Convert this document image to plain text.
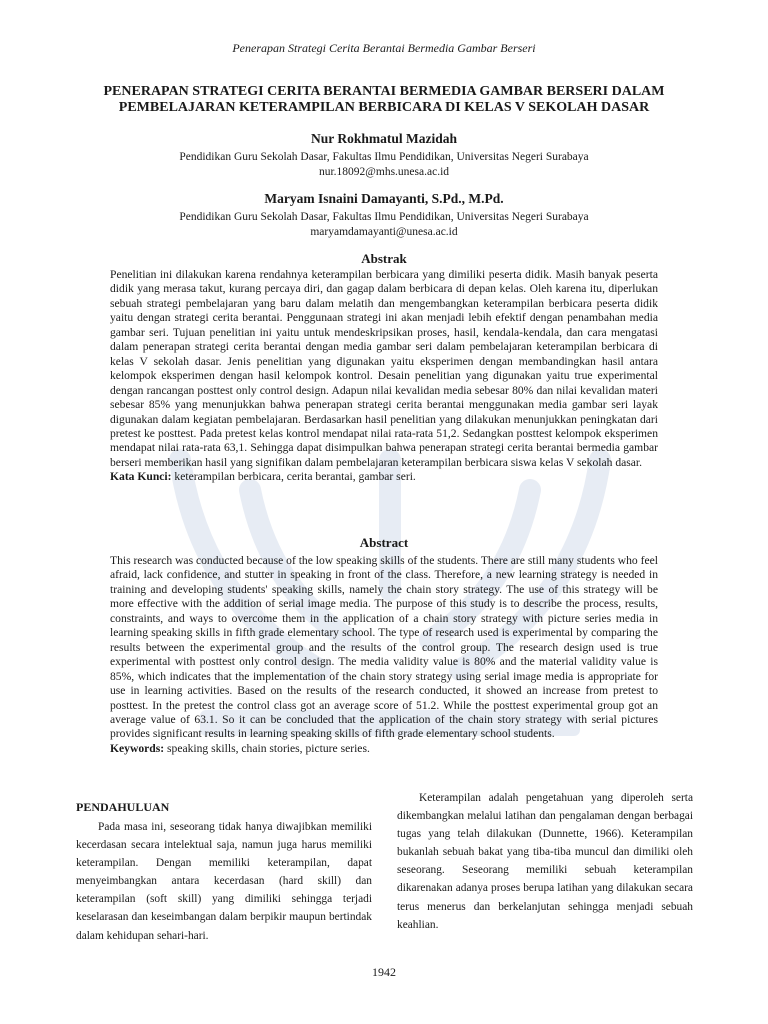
Penerapan Strategi Cerita Berantai Bermedia Gambar Berseri
PENERAPAN STRATEGI CERITA BERANTAI BERMEDIA GAMBAR BERSERI DALAM
PEMBELAJARAN KETERAMPILAN BERBICARA DI KELAS V SEKOLAH DASAR
Nur Rokhmatul Mazidah
Pendidikan Guru Sekolah Dasar, Fakultas Ilmu Pendidikan, Universitas Negeri Surabaya
nur.18092@mhs.unesa.ac.id
Maryam Isnaini Damayanti, S.Pd., M.Pd.
Pendidikan Guru Sekolah Dasar, Fakultas Ilmu Pendidikan, Universitas Negeri Surabaya
maryamdamayanti@unesa.ac.id
Abstrak

Penelitian ini dilakukan karena rendahnya keterampilan berbicara yang dimiliki peserta didik. Masih banyak peserta didik yang merasa takut, kurang percaya diri, dan gagap dalam berbicara di depan kelas. Oleh karena itu, diperlukan sebuah strategi pembelajaran yang baru dalam melatih dan mengembangkan keterampilan berbicara peserta didik yaitu dengan strategi cerita berantai. Penggunaan strategi ini akan menjadi lebih efektif dengan penambahan media gambar seri. Tujuan penelitian ini yaitu untuk mendeskripsikan proses, hasil, kendala-kendala, dan cara mengatasi dalam penerapan strategi cerita berantai dengan media gambar seri dalam pembelajaran keterampilan berbicara di kelas V sekolah dasar. Jenis penelitian yang digunakan yaitu eksperimen dengan membandingkan hasil antara kelompok eksperimen dengan hasil kelompok kontrol. Desain penelitian yang digunakan yaitu true experimental dengan rancangan posttest only control design. Adapun nilai kevalidan media sebesar 80% dan nilai kevalidan materi sebesar 85% yang menunjukkan bahwa penerapan strategi cerita berantai menggunakan media gambar seri layak digunakan dalam kegiatan pembelajaran. Berdasarkan hasil penelitian yang dilakukan menunjukkan peningkatan dari pretest ke posttest. Pada pretest kelas kontrol mendapat nilai rata-rata 51,2. Sedangkan posttest kelompok eksperimen mendapat nilai rata-rata 63,1. Sehingga dapat disimpulkan bahwa penerapan strategi cerita berantai bermedia gambar berseri memberikan hasil yang signifikan dalam pembelajaran keterampilan berbicara siswa kelas V sekolah dasar.

Kata Kunci: keterampilan berbicara, cerita berantai, gambar seri.

Abstract

This research was conducted because of the low speaking skills of the students. There are still many students who feel afraid, lack confidence, and stutter in speaking in front of the class. Therefore, a new learning strategy is needed in training and developing students' speaking skills, namely the chain story strategy. The use of this strategy will be more effective with the addition of serial image media. The purpose of this study is to describe the process, results, constraints, and ways to overcome them in the application of a chain story strategy with picture series media in learning speaking skills in fifth grade elementary school. The type of research used is experimental by comparing the results between the experimental group and the results of the control group. The research design used is true experimental with posttest only control design. The media validity value is 80% and the material validity value is 85%, which indicates that the implementation of the chain story strategy using serial image media is appropriate for use in learning activities. Based on the results of the research conducted, it showed an increase from pretest to posttest. In the pretest the control class got an average score of 51.2. While the posttest experimental group got an average value of 63.1. So it can be concluded that the application of the chain story strategy with serial pictures provides significant results in learning speaking skills of fifth grade elementary school students.

Keywords: speaking skills, chain stories, picture series.

PENDAHULUAN

Pada masa ini, seseorang tidak hanya diwajibkan memiliki kecerdasan secara intelektual saja, namun juga harus memiliki keterampilan. Dengan memiliki keterampilan, dapat menyeimbangkan antara kecerdasan (hard skill) dan keterampilan (soft skill) yang dimiliki sehingga terjadi keselarasan dan keseimbangan dalam berpikir maupun bertindak dalam kehidupan sehari-hari.

Keterampilan adalah pengetahuan yang diperoleh serta dikembangkan melalui latihan dan pengalaman dengan berbagai tugas yang telah dilakukan (Dunnette, 1966). Keterampilan bukanlah sebuah bakat yang tiba-tiba muncul dan dimiliki oleh seseorang. Seseorang memiliki sebuah keterampilan dikarenakan adanya proses berupa latihan yang dilakukan secara terus menerus dan berkelanjutan sehingga menjadi sebuah keahlian.

1942
